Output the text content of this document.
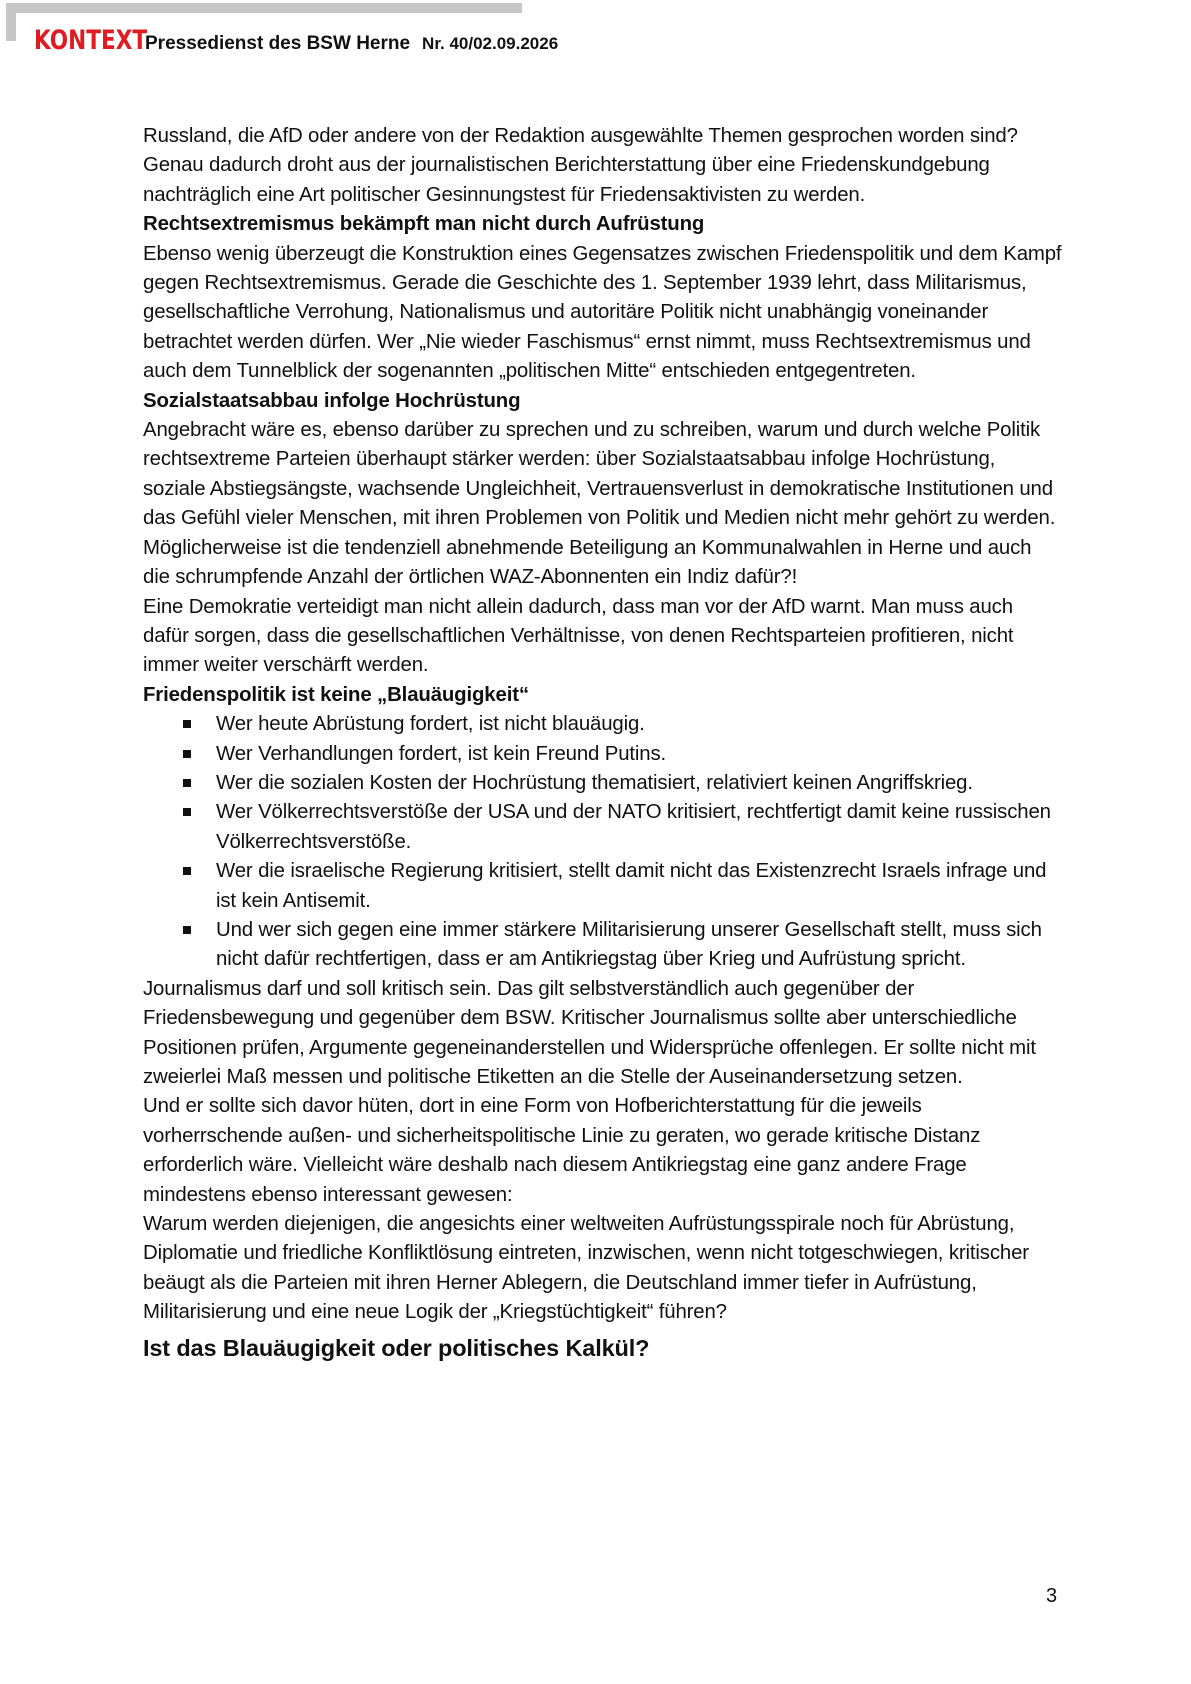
KONTEXTPressedienst des BSW Herne Nr. 40/02.09.2026

Russland, die AfD oder andere von der Redaktion ausgewählte Themen gesprochen worden sind? Genau dadurch droht aus der journalistischen Berichterstattung über eine Friedenskundgebung nachträglich eine Art politischer Gesinnungstest für Friedensaktivisten zu werden.

Rechtsextremismus bekämpft man nicht durch Aufrüstung

Ebenso wenig überzeugt die Konstruktion eines Gegensatzes zwischen Friedenspolitik und dem Kampf gegen Rechtsextremismus. Gerade die Geschichte des 1. September 1939 lehrt, dass Militarismus, gesellschaftliche Verrohung, Nationalismus und autoritäre Politik nicht unabhängig voneinander betrachtet werden dürfen. Wer „Nie wieder Faschismus“ ernst nimmt, muss Rechtsextremismus und auch dem Tunnelblick der sogenannten „politischen Mitte“ entschieden entgegentreten.

Sozialstaatsabbau infolge Hochrüstung

Angebracht wäre es, ebenso darüber zu sprechen und zu schreiben, warum und durch welche Politik rechtsextreme Parteien überhaupt stärker werden: über Sozialstaatsabbau infolge Hochrüstung, soziale Abstiegsängste, wachsende Ungleichheit, Vertrauensverlust in demokratische Institutionen und das Gefühl vieler Menschen, mit ihren Problemen von Politik und Medien nicht mehr gehört zu werden. Möglicherweise ist die tendenziell abnehmende Beteiligung an Kommunalwahlen in Herne und auch die schrumpfende Anzahl der örtlichen WAZ-Abonnenten ein Indiz dafür?!

Eine Demokratie verteidigt man nicht allein dadurch, dass man vor der AfD warnt. Man muss auch dafür sorgen, dass die gesellschaftlichen Verhältnisse, von denen Rechtsparteien profitieren, nicht immer weiter verschärft werden.

Friedenspolitik ist keine „Blauäugigkeit“
Wer heute Abrüstung fordert, ist nicht blauäugig.
Wer Verhandlungen fordert, ist kein Freund Putins.
Wer die sozialen Kosten der Hochrüstung thematisiert, relativiert keinen Angriffskrieg.
Wer Völkerrechtsverstöße der USA und der NATO kritisiert, rechtfertigt damit keine russischen Völkerrechtsverstöße.
Wer die israelische Regierung kritisiert, stellt damit nicht das Existenzrecht Israels infrage und ist kein Antisemit.
Und wer sich gegen eine immer stärkere Militarisierung unserer Gesellschaft stellt, muss sich nicht dafür rechtfertigen, dass er am Antikriegstag über Krieg und Aufrüstung spricht.

Journalismus darf und soll kritisch sein. Das gilt selbstverständlich auch gegenüber der Friedensbewegung und gegenüber dem BSW. Kritischer Journalismus sollte aber unterschiedliche Positionen prüfen, Argumente gegeneinanderstellen und Widersprüche offenlegen. Er sollte nicht mit zweierlei Maß messen und politische Etiketten an die Stelle der Auseinandersetzung setzen.

Und er sollte sich davor hüten, dort in eine Form von Hofberichterstattung für die jeweils vorherrschende außen- und sicherheitspolitische Linie zu geraten, wo gerade kritische Distanz erforderlich wäre. Vielleicht wäre deshalb nach diesem Antikriegstag eine ganz andere Frage mindestens ebenso interessant gewesen:

Warum werden diejenigen, die angesichts einer weltweiten Aufrüstungsspirale noch für Abrüstung, Diplomatie und friedliche Konfliktlösung eintreten, inzwischen, wenn nicht totgeschwiegen, kritischer beäugt als die Parteien mit ihren Herner Ablegern, die Deutschland immer tiefer in Aufrüstung, Militarisierung und eine neue Logik der „Kriegstüchtigkeit“ führen?

Ist das Blauäugigkeit oder politisches Kalkül?
3
